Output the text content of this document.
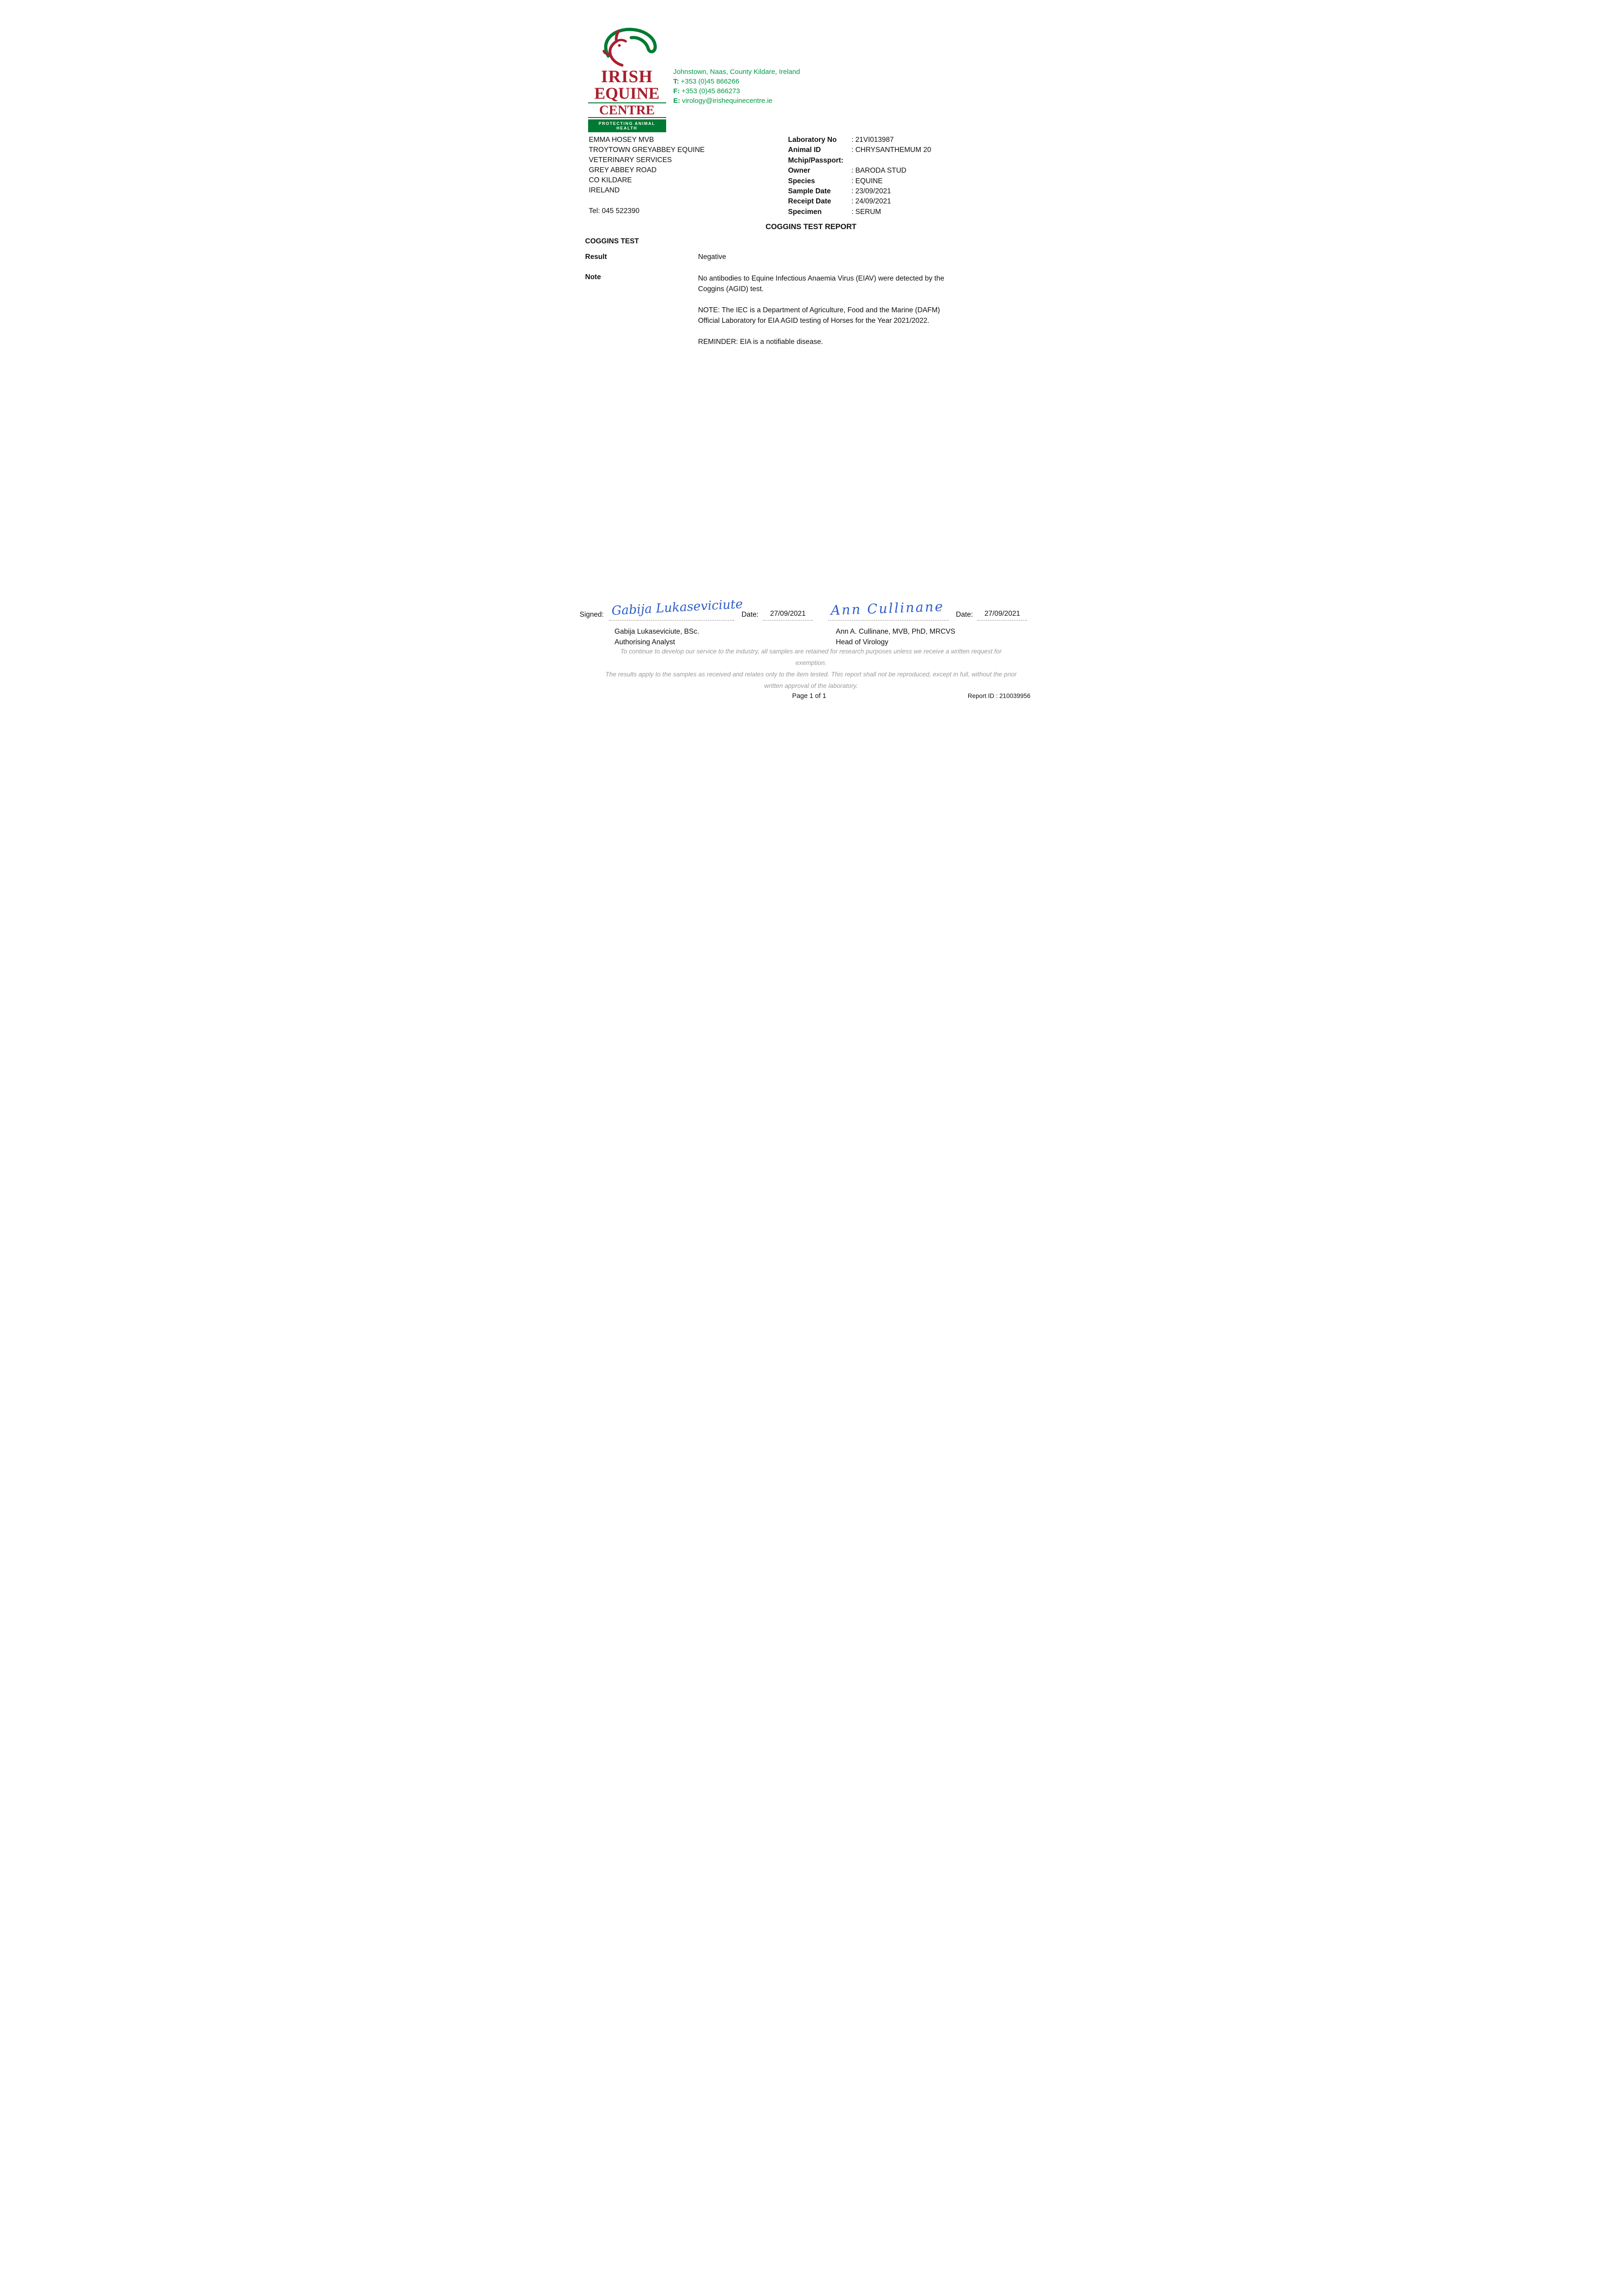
IRISH
EQUINE
CENTRE
PROTECTING ANIMAL HEALTH
Johnstown, Naas, County Kildare, Ireland
T: +353 (0)45 866266
F: +353 (0)45 866273
E: virology@irishequinecentre.ie
EMMA HOSEY MVB
TROYTOWN GREYABBEY EQUINE
VETERINARY SERVICES
GREY ABBEY ROAD
CO KILDARE
IRELAND
Tel: 045 522390
Laboratory No	: 21VI013987
Animal ID	: CHRYSANTHEMUM 20
Mchip/Passport:
Owner	: BARODA STUD
Species	: EQUINE
Sample Date	: 23/09/2021
Receipt Date	: 24/09/2021
Specimen	: SERUM
COGGINS TEST REPORT
COGGINS TEST
Result	Negative
Note	No antibodies to Equine Infectious Anaemia Virus (EIAV) were detected by the Coggins (AGID) test.

NOTE: The IEC is a Department of Agriculture, Food and the Marine (DAFM) Official Laboratory for EIA AGID testing of Horses for the Year 2021/2022.

REMINDER: EIA is a notifiable disease.

Signed: Gabija Lukaseviciute
Date:	27/09/2021	Ann Cullinane Date:	27/09/2021
Gabija Lukaseviciute, BSc.
Authorising Analyst
Ann A. Cullinane, MVB, PhD, MRCVS
Head of Virology

To continue to develop our service to the industry, all samples are retained for research purposes unless we receive a written request for exemption.

The results apply to the samples as received and relates only to the item tested. This report shall not be reproduced, except in full, without the prior written approval of the laboratory.

Page 1 of 1	Report ID : 210039956
